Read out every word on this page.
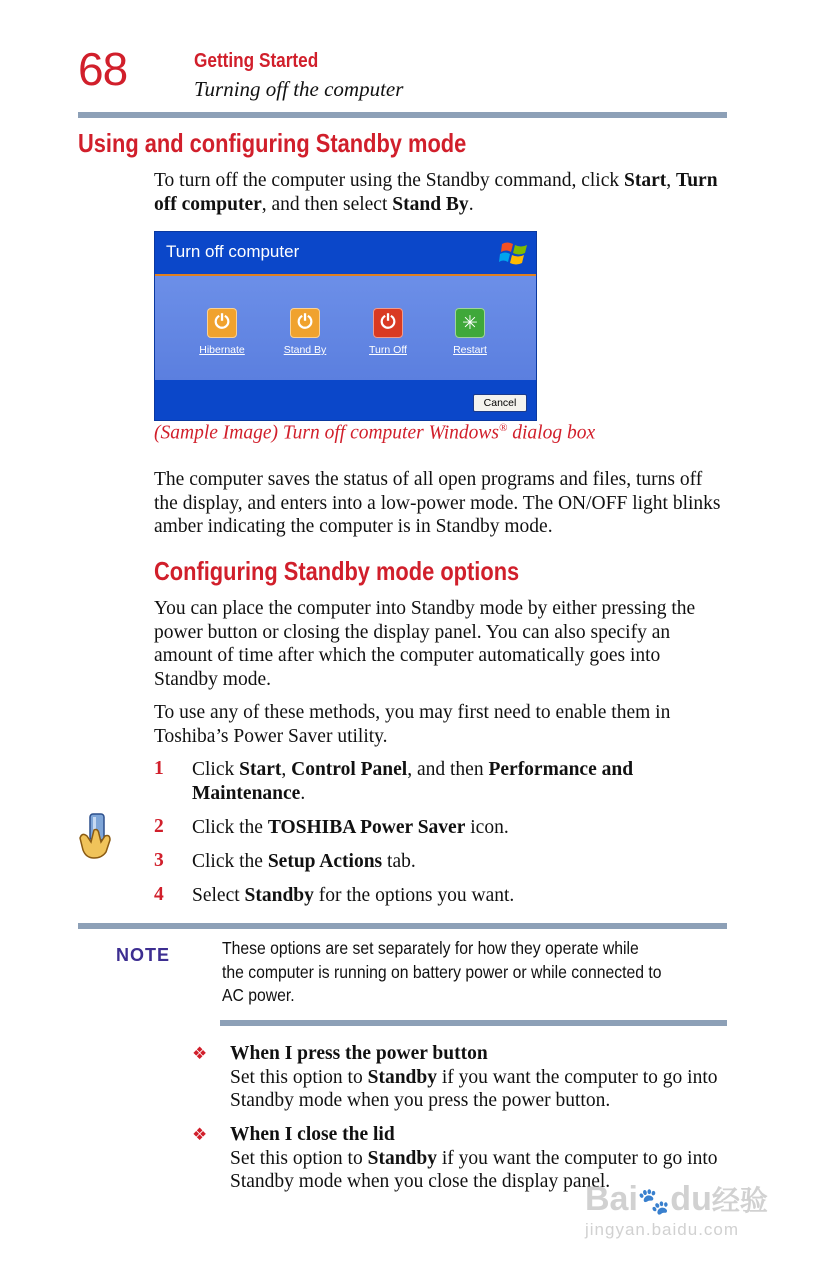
68	Getting Started
Turning off the computer
Using and configuring Standby mode
To turn off the computer using the Standby command, click Start, Turn off computer, and then select Stand By.
Turn off computer
⏻
Hibernate
⏻
Stand By
⏻
Turn Off
✳
Restart
Cancel
(Sample Image) Turn off computer Windows® dialog box
The computer saves the status of all open programs and files, turns off the display, and enters into a low-power mode. The ON/OFF light blinks amber indicating the computer is in Standby mode.
Configuring Standby mode options
You can place the computer into Standby mode by either pressing the power button or closing the display panel. You can also specify an amount of time after which the computer automatically goes into Standby mode.
To use any of these methods, you may first need to enable them in Toshiba’s Power Saver utility.
1 Click Start, Control Panel, and then Performance and Maintenance.
2 Click the TOSHIBA Power Saver icon.
3 Click the Setup Actions tab.
4 Select Standby for the options you want.
NOTE	These options are set separately for how they operate while the computer is running on battery power or while connected to AC power.
❖ When I press the power button
Set this option to Standby if you want the computer to go into Standby mode when you press the power button.
❖ When I close the lid
Set this option to Standby if you want the computer to go into Standby mode when you close the display panel.
Bai🐾du经验
jingyan.baidu.com
